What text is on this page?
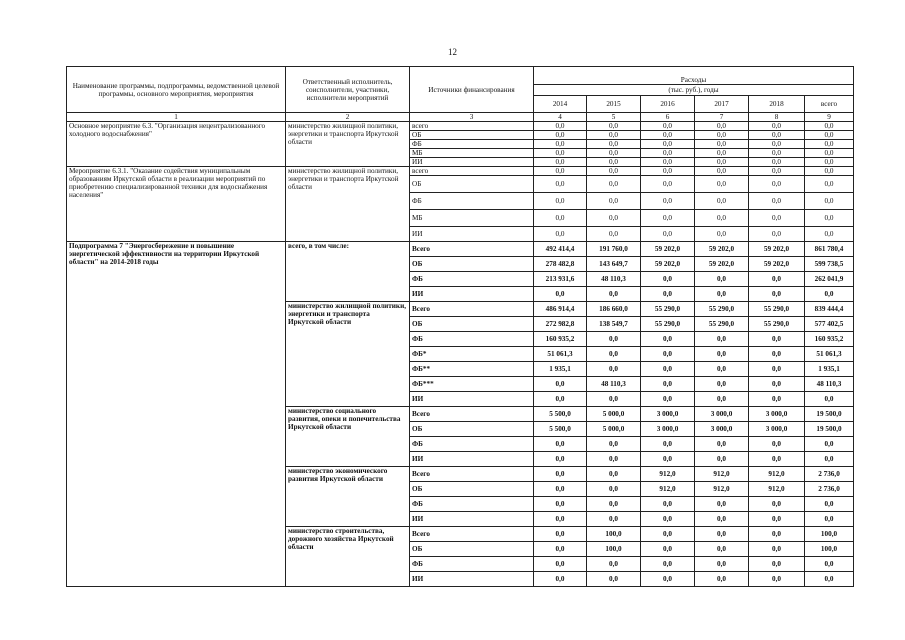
12
Наименование программы, подпрограммы, ведомственной целевой программы, основного мероприятия, мероприятия	Ответственный исполнитель, соисполнители, участники, исполнители мероприятий	Источники финансирования	Расходы					
			(тыс. руб.), годы					
			2014	2015	2016	2017	2018	всего
1	2	3	4	5	6	7	8	9
Основное мероприятие 6.3. "Организация нецентрализованного холодного водоснабжения"	министерство жилищной политики, энергетики и транспорта Иркутской области	всего	0,0	0,0	0,0	0,0	0,0	0,0
		ОБ	0,0	0,0	0,0	0,0	0,0	0,0
		ФБ	0,0	0,0	0,0	0,0	0,0	0,0
		МБ	0,0	0,0	0,0	0,0	0,0	0,0
		ИИ	0,0	0,0	0,0	0,0	0,0	0,0
Мероприятие 6.3.1. "Оказание содействия муниципальным образованиям Иркутской области в реализации мероприятий по приобретению специализированной техники для водоснабжения населения"	министерство жилищной политики, энергетики и транспорта Иркутской области	всего	0,0	0,0	0,0	0,0	0,0	0,0
		ОБ	0,0	0,0	0,0	0,0	0,0	0,0
		ФБ	0,0	0,0	0,0	0,0	0,0	0,0
		МБ	0,0	0,0	0,0	0,0	0,0	0,0
		ИИ	0,0	0,0	0,0	0,0	0,0	0,0
Подпрограмма 7 "Энергосбережение и повышение энергетической эффективности на территории Иркутской области" на 2014-2018 годы	всего, в том числе:	Всего	492 414,4	191 760,0	59 202,0	59 202,0	59 202,0	861 780,4
		ОБ	278 482,8	143 649,7	59 202,0	59 202,0	59 202,0	599 738,5
		ФБ	213 931,6	48 110,3	0,0	0,0	0,0	262 041,9
		ИИ	0,0	0,0	0,0	0,0	0,0	0,0
	министерство жилищной политики, энергетики и транспорта Иркутской области	Всего	486 914,4	186 660,0	55 290,0	55 290,0	55 290,0	839 444,4
		ОБ	272 982,8	138 549,7	55 290,0	55 290,0	55 290,0	577 402,5
		ФБ	160 935,2	0,0	0,0	0,0	0,0	160 935,2
		ФБ*	51 061,3	0,0	0,0	0,0	0,0	51 061,3
		ФБ**	1 935,1	0,0	0,0	0,0	0,0	1 935,1
		ФБ***	0,0	48 110,3	0,0	0,0	0,0	48 110,3
		ИИ	0,0	0,0	0,0	0,0	0,0	0,0
	министерство социального развития, опеки и попечительства Иркутской области	Всего	5 500,0	5 000,0	3 000,0	3 000,0	3 000,0	19 500,0
		ОБ	5 500,0	5 000,0	3 000,0	3 000,0	3 000,0	19 500,0
		ФБ	0,0	0,0	0,0	0,0	0,0	0,0
		ИИ	0,0	0,0	0,0	0,0	0,0	0,0
	министерство экономического развития Иркутской области	Всего	0,0	0,0	912,0	912,0	912,0	2 736,0
		ОБ	0,0	0,0	912,0	912,0	912,0	2 736,0
		ФБ	0,0	0,0	0,0	0,0	0,0	0,0
		ИИ	0,0	0,0	0,0	0,0	0,0	0,0
	министерство строительства, дорожного хозяйства Иркутской области	Всего	0,0	100,0	0,0	0,0	0,0	100,0
		ОБ	0,0	100,0	0,0	0,0	0,0	100,0
		ФБ	0,0	0,0	0,0	0,0	0,0	0,0
		ИИ	0,0	0,0	0,0	0,0	0,0	0,0
